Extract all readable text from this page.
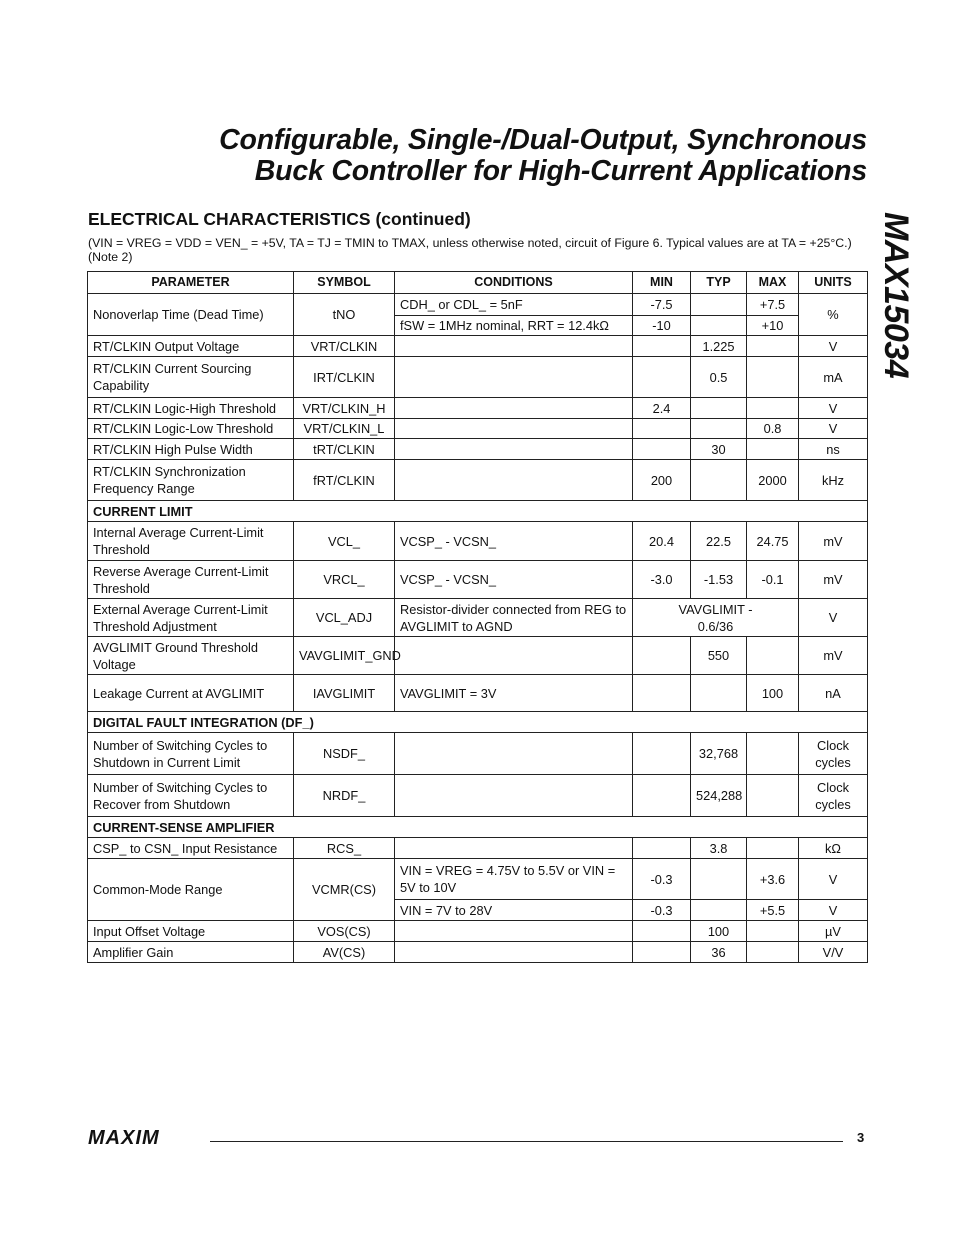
Configurable, Single-/Dual-Output, Synchronous
Buck Controller for High-Current Applications
MAX15034
ELECTRICAL CHARACTERISTICS (continued)
(VIN = VREG = VDD = VEN_ = +5V, TA = TJ = TMIN to TMAX, unless otherwise noted, circuit of Figure 6. Typical values are at TA = +25°C.) (Note 2)
PARAMETER	SYMBOL	CONDITIONS	MIN	TYP	MAX	UNITS
Nonoverlap Time (Dead Time)	tNO	CDH_ or CDL_ = 5nF	-7.5		+7.5	%
		fSW = 1MHz nominal, RRT = 12.4kΩ	-10		+10	
RT/CLKIN Output Voltage	VRT/CLKIN			1.225		V
RT/CLKIN Current Sourcing Capability	IRT/CLKIN			0.5		mA
RT/CLKIN Logic-High Threshold	VRT/CLKIN_H		2.4			V
RT/CLKIN Logic-Low Threshold	VRT/CLKIN_L				0.8	V
RT/CLKIN High Pulse Width	tRT/CLKIN			30		ns
RT/CLKIN Synchronization Frequency Range	fRT/CLKIN		200		2000	kHz
CURRENT LIMIT						
Internal Average Current-Limit Threshold	VCL_	VCSP_ - VCSN_	20.4	22.5	24.75	mV
Reverse Average Current-Limit Threshold	VRCL_	VCSP_ - VCSN_	-3.0	-1.53	-0.1	mV
External Average Current-Limit Threshold Adjustment	VCL_ADJ	Resistor-divider connected from REG to AVGLIMIT to AGND	VAVGLIMIT - 0.6/36			V
AVGLIMIT Ground Threshold Voltage	VAVGLIMIT_GND			550		mV
Leakage Current at AVGLIMIT	IAVGLIMIT	VAVGLIMIT = 3V			100	nA
DIGITAL FAULT INTEGRATION (DF_)						
Number of Switching Cycles to Shutdown in Current Limit	NSDF_			32,768		Clock cycles
Number of Switching Cycles to Recover from Shutdown	NRDF_			524,288		Clock cycles
CURRENT-SENSE AMPLIFIER						
CSP_ to CSN_ Input Resistance	RCS_			3.8		kΩ
Common-Mode Range	VCMR(CS)	VIN = VREG = 4.75V to 5.5V or VIN = 5V to 10V	-0.3		+3.6	V
		VIN = 7V to 28V	-0.3		+5.5	V
Input Offset Voltage	VOS(CS)			100		µV
Amplifier Gain	AV(CS)			36		V/V
MAXIM	3
